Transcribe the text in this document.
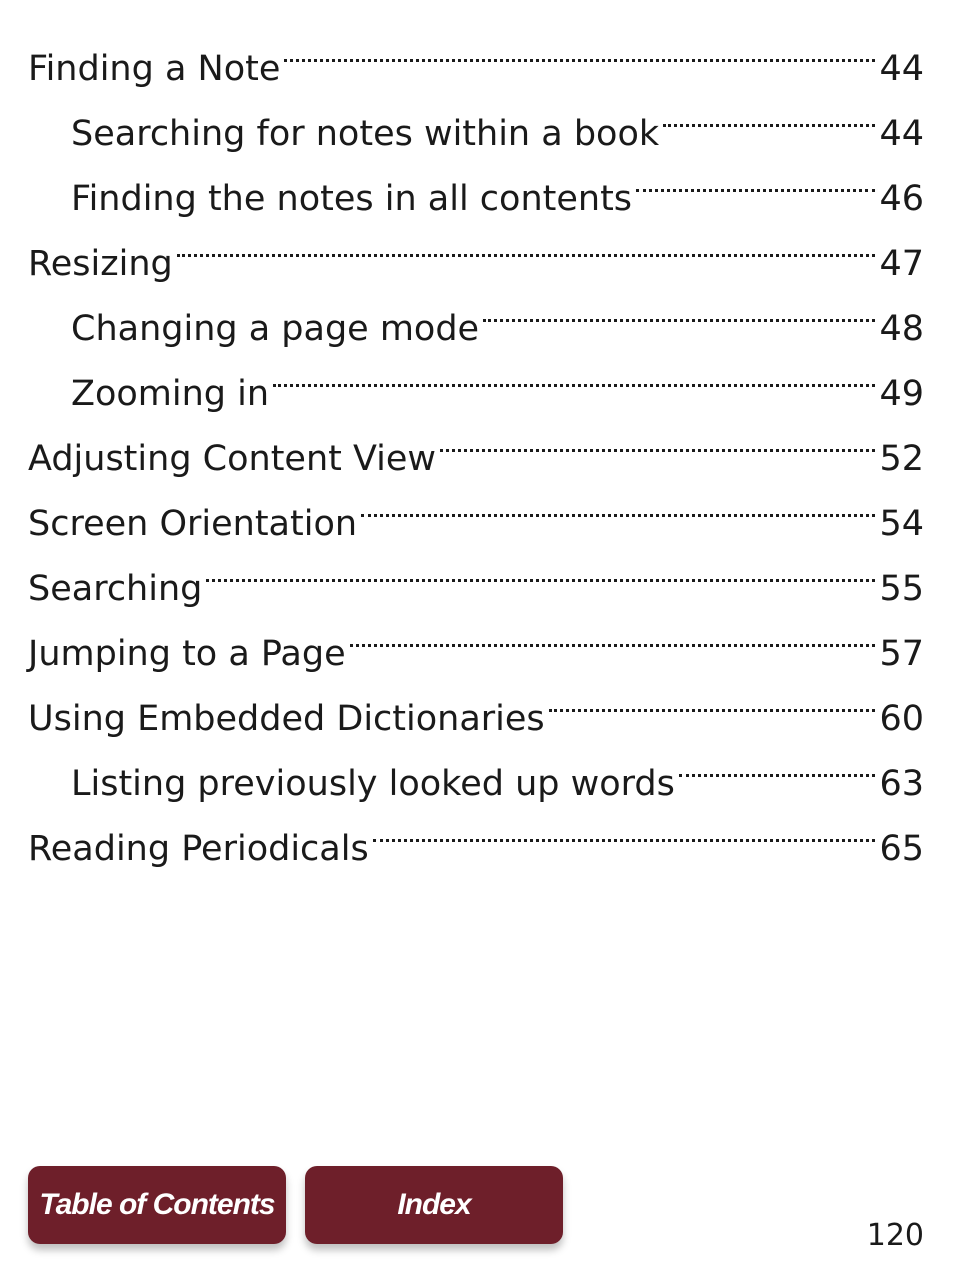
Finding a Note	44
Searching for notes within a book	44
Finding the notes in all contents	46
Resizing	47
Changing a page mode	48
Zooming in	49
Adjusting Content View	52
Screen Orientation	54
Searching	55
Jumping to a Page	57
Using Embedded Dictionaries	60
Listing previously looked up words	63
Reading Periodicals	65
Table of Contents	Index
120
